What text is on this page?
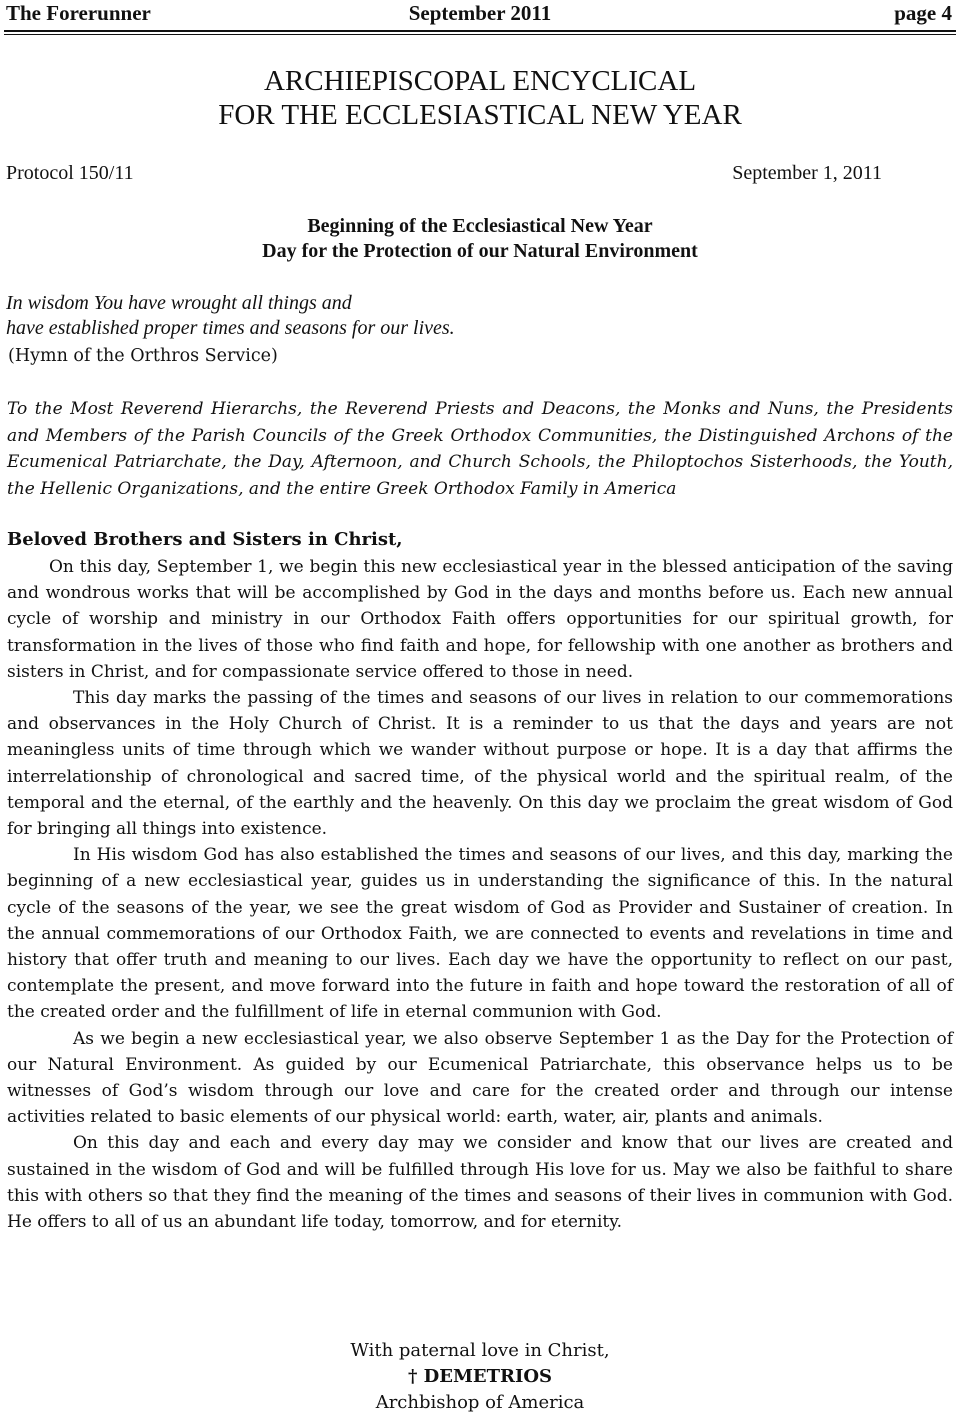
September 2011
The Forerunner	page 4
ARCHIEPISCOPAL ENCYCLICAL
FOR THE ECCLESIASTICAL NEW YEAR
Protocol 150/11	September 1, 2011
Beginning of the Ecclesiastical New Year
Day for the Protection of our Natural Environment
In wisdom You have wrought all things and
have established proper times and seasons for our lives.
(Hymn of the Orthros Service)
To the Most Reverend Hierarchs, the Reverend Priests and Deacons, the Monks and Nuns, the Presidents and Members of the Parish Councils of the Greek Orthodox Communities, the Distinguished Archons of the Ecumenical Patriarchate, the Day, Afternoon, and Church Schools, the Philoptochos Sisterhoods, the Youth, the Hellenic Organizations, and the entire Greek Orthodox Family in America
Beloved Brothers and Sisters in Christ,

On this day, September 1, we begin this new ecclesiastical year in the blessed anticipation of the saving and wondrous works that will be accomplished by God in the days and months before us. Each new annual cycle of worship and ministry in our Orthodox Faith offers opportunities for our spiritual growth, for transformation in the lives of those who find faith and hope, for fellowship with one another as brothers and sisters in Christ, and for compassionate service offered to those in need.

This day marks the passing of the times and seasons of our lives in relation to our commemorations and observances in the Holy Church of Christ. It is a reminder to us that the days and years are not meaningless units of time through which we wander without purpose or hope. It is a day that affirms the interrelationship of chronological and sacred time, of the physical world and the spiritual realm, of the temporal and the eternal, of the earthly and the heavenly. On this day we proclaim the great wisdom of God for bringing all things into existence.

In His wisdom God has also established the times and seasons of our lives, and this day, marking the beginning of a new ecclesiastical year, guides us in understanding the significance of this. In the natural cycle of the seasons of the year, we see the great wisdom of God as Provider and Sustainer of creation. In the annual commemorations of our Orthodox Faith, we are connected to events and revelations in time and history that offer truth and meaning to our lives. Each day we have the opportunity to reflect on our past, contemplate the present, and move forward into the future in faith and hope toward the restoration of all of the created order and the fulfillment of life in eternal communion with God.

As we begin a new ecclesiastical year, we also observe September 1 as the Day for the Protection of our Natural Environment. As guided by our Ecumenical Patriarchate, this observance helps us to be witnesses of God’s wisdom through our love and care for the created order and through our intense activities related to basic elements of our physical world: earth, water, air, plants and animals.

On this day and each and every day may we consider and know that our lives are created and sustained in the wisdom of God and will be fulfilled through His love for us. May we also be faithful to share this with others so that they find the meaning of the times and seasons of their lives in communion with God. He offers to all of us an abundant life today, tomorrow, and for eternity.

With paternal love in Christ,
† DEMETRIOS
Archbishop of America
